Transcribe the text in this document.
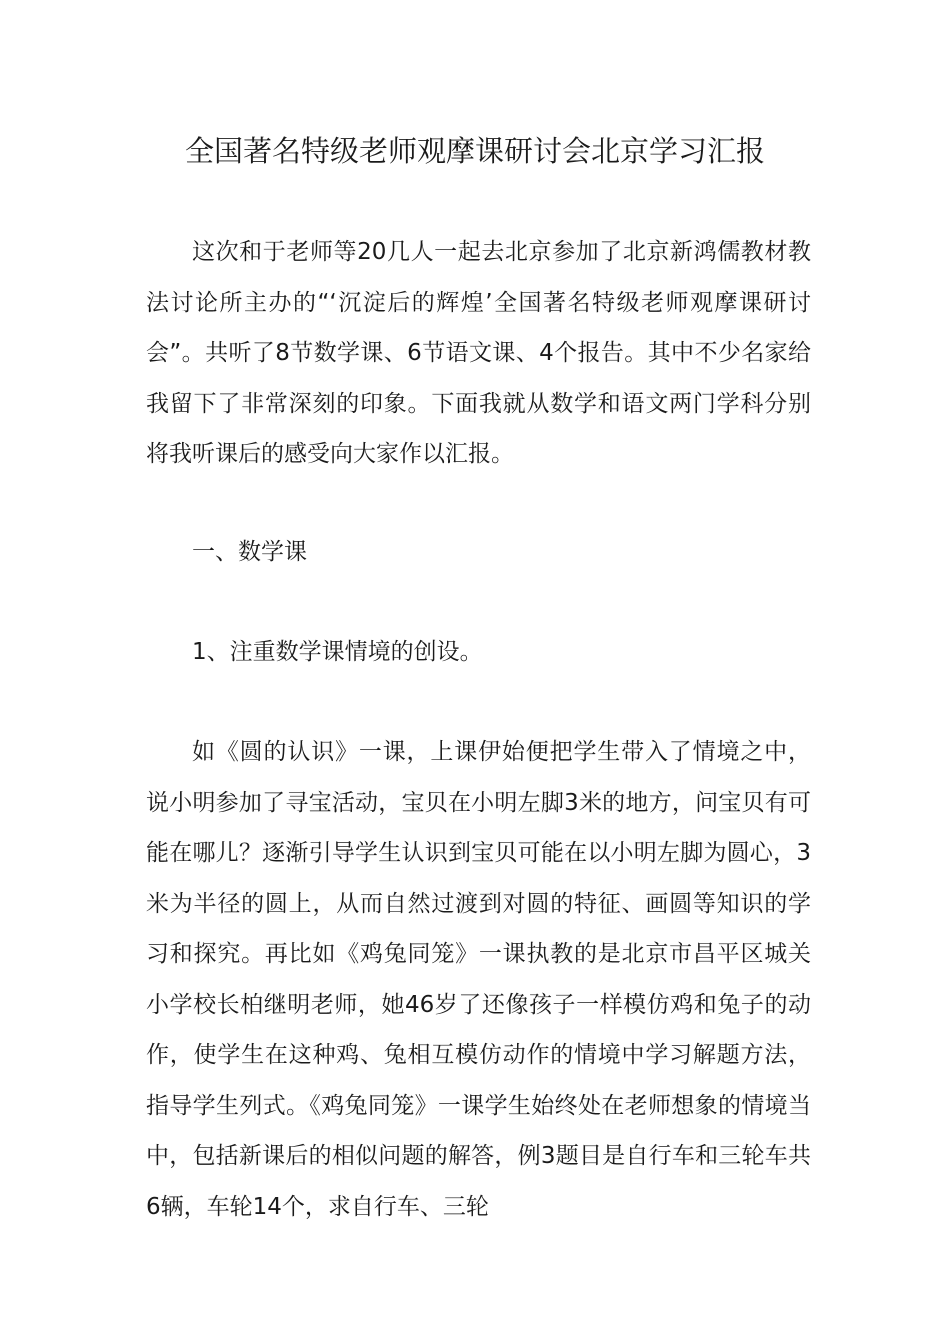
全国著名特级老师观摩课研讨会北京学习汇报

这次和于老师等20几人一起去北京参加了北京新鸿儒教材教法讨论所主办的“‘沉淀后的辉煌’全国著名特级老师观摩课研讨会”。共听了8节数学课、6节语文课、4个报告。其中不少名家给我留下了非常深刻的印象。下面我就从数学和语文两门学科分别将我听课后的感受向大家作以汇报。

一、数学课

1、注重数学课情境的创设。

如《圆的认识》一课，上课伊始便把学生带入了情境之中，说小明参加了寻宝活动，宝贝在小明左脚3米的地方，问宝贝有可能在哪儿？逐渐引导学生认识到宝贝可能在以小明左脚为圆心，3米为半径的圆上，从而自然过渡到对圆的特征、画圆等知识的学习和探究。再比如《鸡兔同笼》一课执教的是北京市昌平区城关小学校长柏继明老师，她46岁了还像孩子一样模仿鸡和兔子的动作，使学生在这种鸡、兔相互模仿动作的情境中学习解题方法，指导学生列式。《鸡兔同笼》一课学生始终处在老师想象的情境当中，包括新课后的相似问题的解答，例3题目是自行车和三轮车共6辆，车轮14个，求自行车、三轮
